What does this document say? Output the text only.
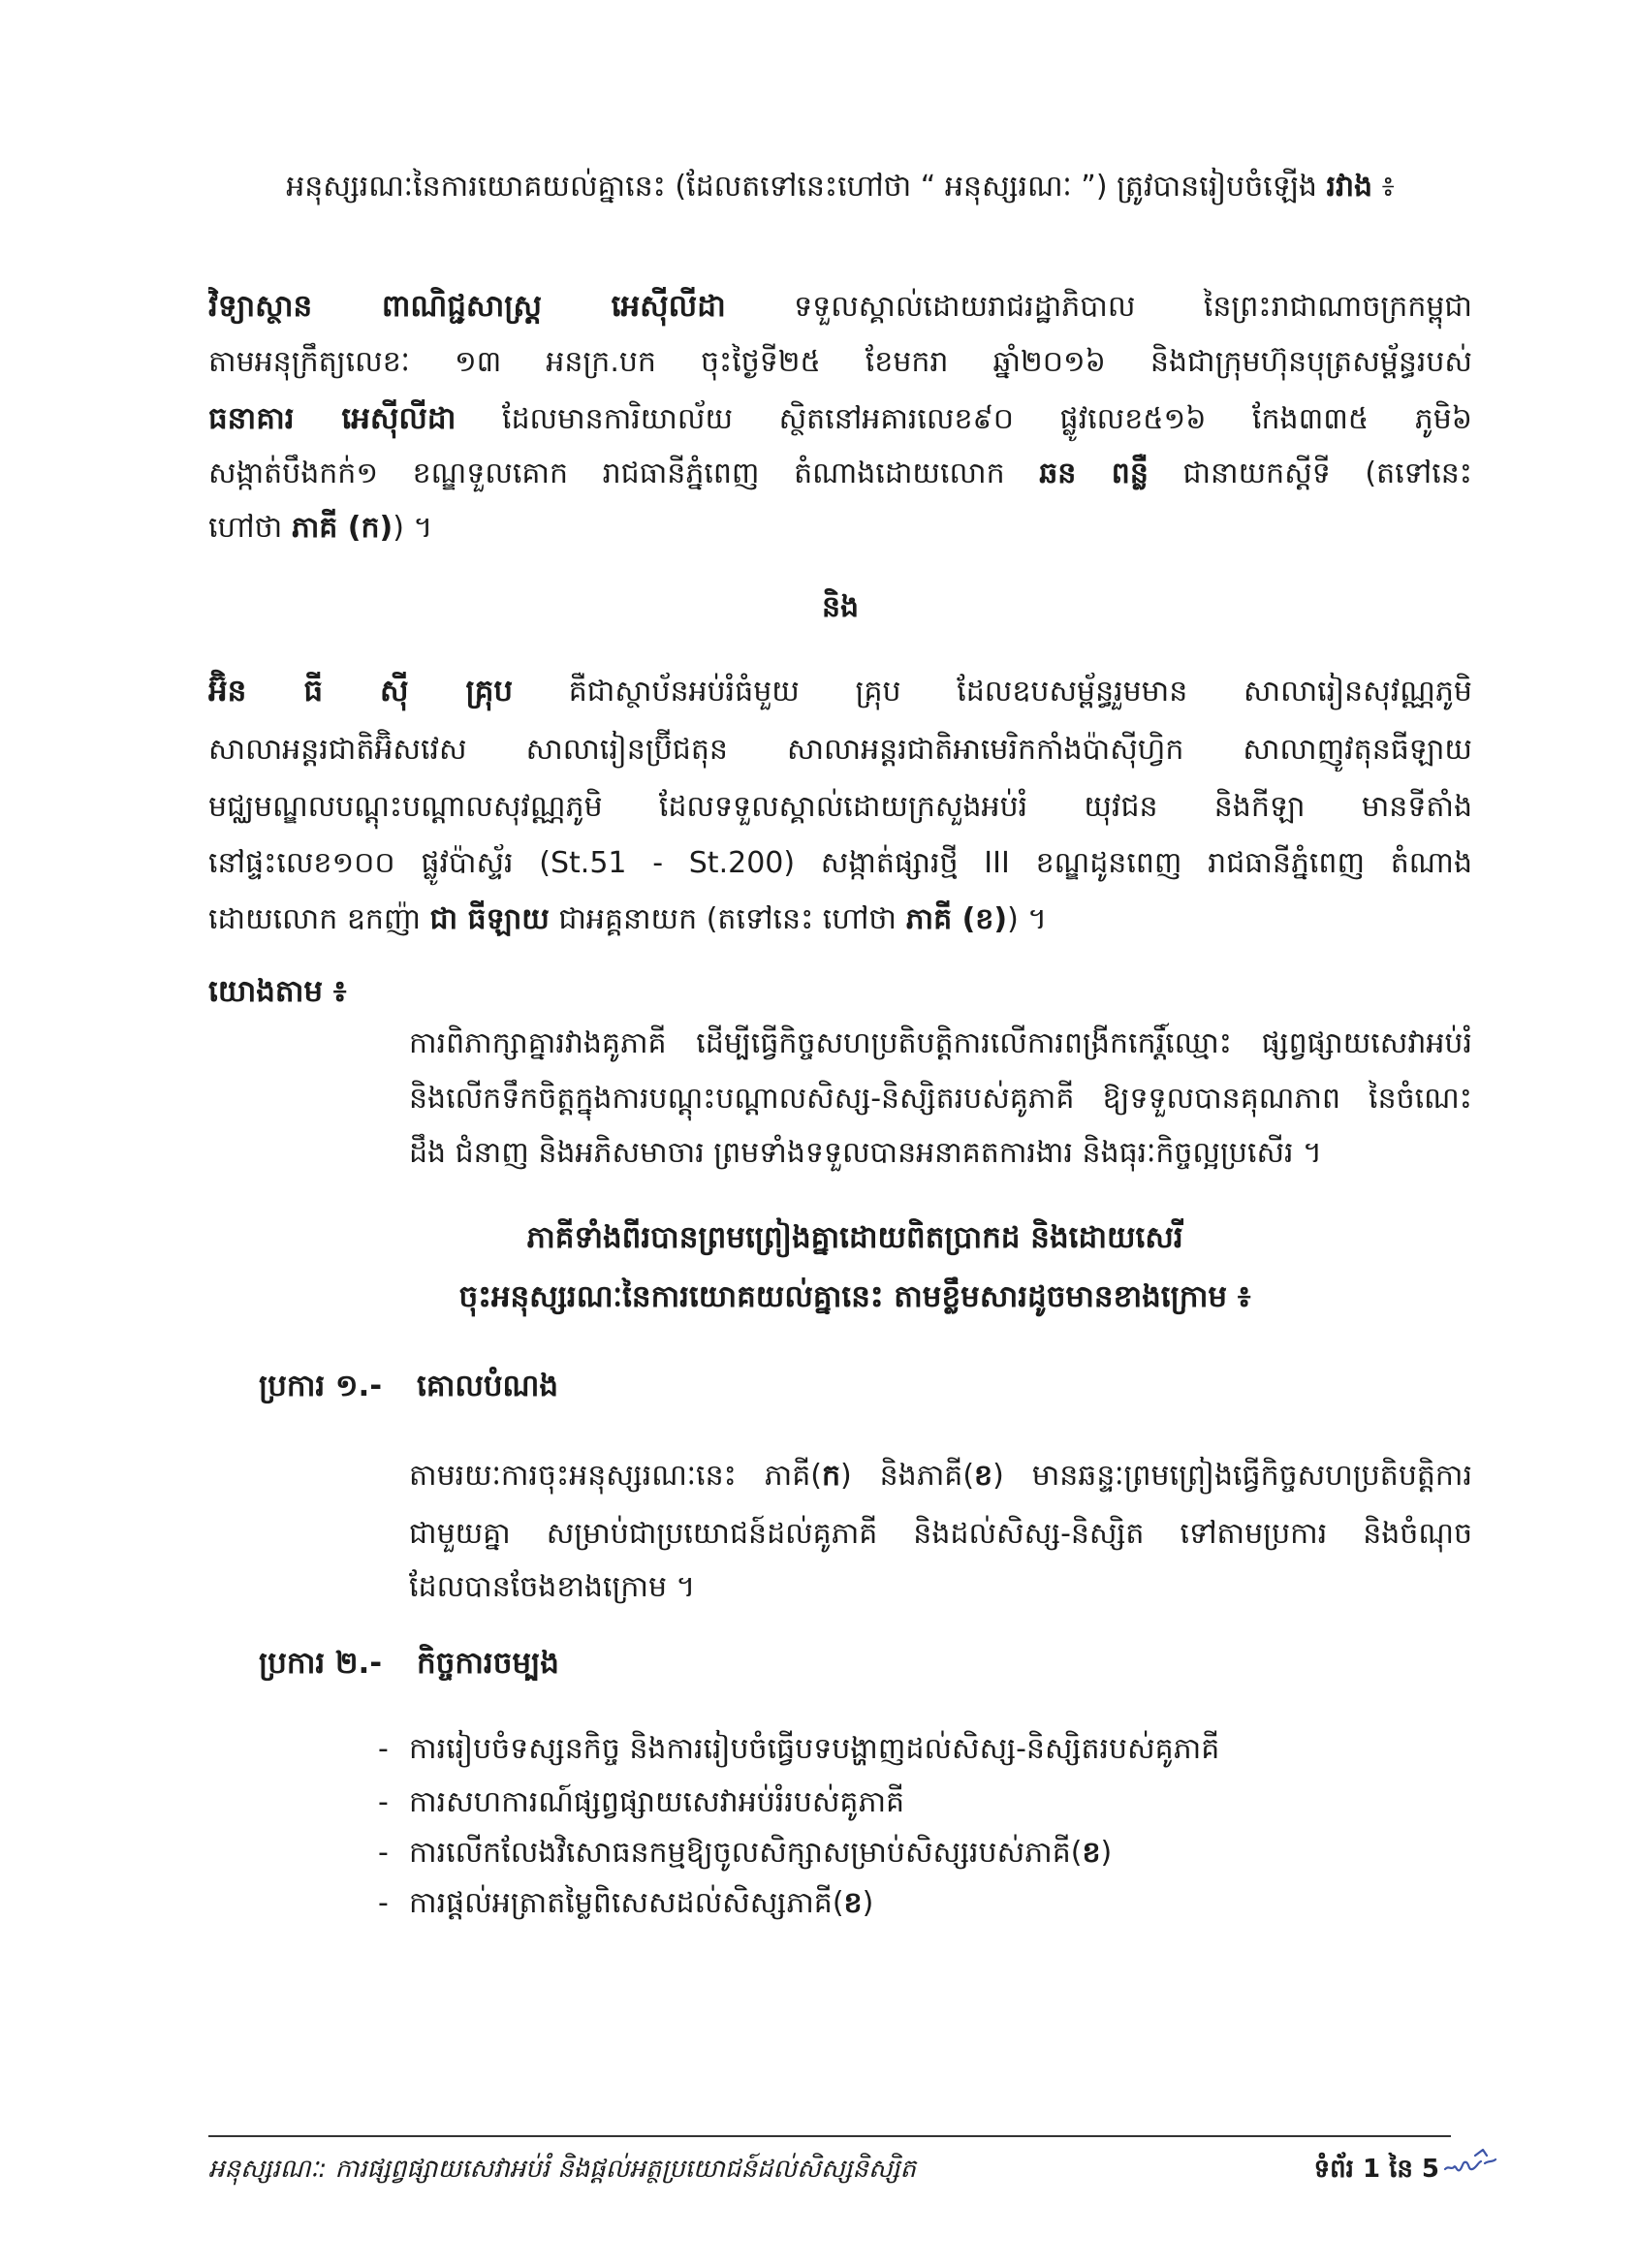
អនុស្សរណៈនៃការយោគយល់គ្នានេះ (ដែលតទៅនេះហៅថា “ អនុស្សរណៈ ”) ត្រូវបានរៀបចំឡើង រវាង ៖
វិទ្យាស្ថាន ពាណិជ្ជសាស្ត្រ អេស៊ីលីដា ទទួលស្គាល់ដោយរាជរដ្ឋាភិបាល នៃព្រះរាជាណាចក្រកម្ពុជា
តាមអនុក្រឹត្យលេខៈ ១៣ អនក្រ.បក ចុះថ្ងៃទី២៥ ខែមករា ឆ្នាំ២០១៦ និងជាក្រុមហ៊ុនបុត្រសម្ព័ន្ធរបស់
ធនាគារ អេស៊ីលីដា ដែលមានការិយាល័យ ស្ថិតនៅអគារលេខ៩០ ផ្លូវលេខ៥១៦ កែង៣៣៥ ភូមិ៦
សង្កាត់បឹងកក់១ ខណ្ឌទួលគោក រាជធានីភ្នំពេញ តំណាងដោយលោក ឆន ពន្លឺ ជានាយកស្តីទី (តទៅនេះ
ហៅថា ភាគី (ក)) ។
និង
អ៊ិន ធី ស៊ី គ្រុប គឺជាស្ថាប័នអប់រំធំមួយ គ្រុប ដែលឧបសម្ព័ន្ធរួមមាន សាលារៀនសុវណ្ណភូមិ
សាលាអន្តរជាតិអ៊ិសវេស សាលារៀនប្រ៊ីជតុន សាលាអន្តរជាតិអាមេរិកកាំងប៉ាស៊ីហ្វិក សាលាញូវតុនធីឡាយ
មជ្ឈមណ្ឌលបណ្តុះបណ្តាលសុវណ្ណភូមិ ដែលទទួលស្គាល់ដោយក្រសួងអប់រំ យុវជន និងកីឡា មានទីតាំង
នៅផ្ទះលេខ១០០ ផ្លូវប៉ាស្ទ័រ (St.51 - St.200) សង្កាត់ផ្សារថ្មី III ខណ្ឌដូនពេញ រាជធានីភ្នំពេញ តំណាង
ដោយលោក ឧកញ៉ា ជា ធីឡាយ ជាអគ្គនាយក (តទៅនេះ ហៅថា ភាគី (ខ)) ។
យោងតាម ៖
ការពិភាក្សាគ្នារវាងគូភាគី ដើម្បីធ្វើកិច្ចសហប្រតិបត្តិការលើការពង្រីកកេរ្តិ៍ឈ្មោះ ផ្សព្វផ្សាយសេវាអប់រំ
និងលើកទឹកចិត្តក្នុងការបណ្តុះបណ្តាលសិស្ស-និស្សិតរបស់គូភាគី ឱ្យទទួលបានគុណភាព នៃចំណេះ
ដឹង ជំនាញ និងអភិសមាចារ ព្រមទាំងទទួលបានអនាគតការងារ និងធុរៈកិច្ចល្អប្រសើរ ។
ភាគីទាំងពីរបានព្រមព្រៀងគ្នាដោយពិតប្រាកដ និងដោយសេរី
ចុះអនុស្សរណៈនៃការយោគយល់គ្នានេះ តាមខ្លឹមសារដូចមានខាងក្រោម ៖
ប្រការ ១.- គោលបំណង
តាមរយៈការចុះអនុស្សរណៈនេះ ភាគី(ក) និងភាគី(ខ) មានឆន្ទៈព្រមព្រៀងធ្វើកិច្ចសហប្រតិបត្តិការ
ជាមួយគ្នា សម្រាប់ជាប្រយោជន៍ដល់គូភាគី និងដល់សិស្ស-និស្សិត ទៅតាមប្រការ និងចំណុច
ដែលបានចែងខាងក្រោម ។
ប្រការ ២.- កិច្ចការចម្បង
- ការរៀបចំទស្សនកិច្ច និងការរៀបចំធ្វើបទបង្ហាញដល់សិស្ស-និស្សិតរបស់គូភាគី
- ការសហការណ៍ផ្សព្វផ្សាយសេវាអប់រំរបស់គូភាគី
- ការលើកលែងវិសោធនកម្មឱ្យចូលសិក្សាសម្រាប់សិស្សរបស់ភាគី(ខ)
- ការផ្តល់អត្រាតម្លៃពិសេសដល់សិស្សភាគី(ខ)
អនុស្សរណៈ: ការផ្សព្វផ្សាយសេវាអប់រំ និងផ្តល់អត្ថប្រយោជន៍ដល់សិស្សនិស្សិត	ទំព័រ 1 នៃ 5
